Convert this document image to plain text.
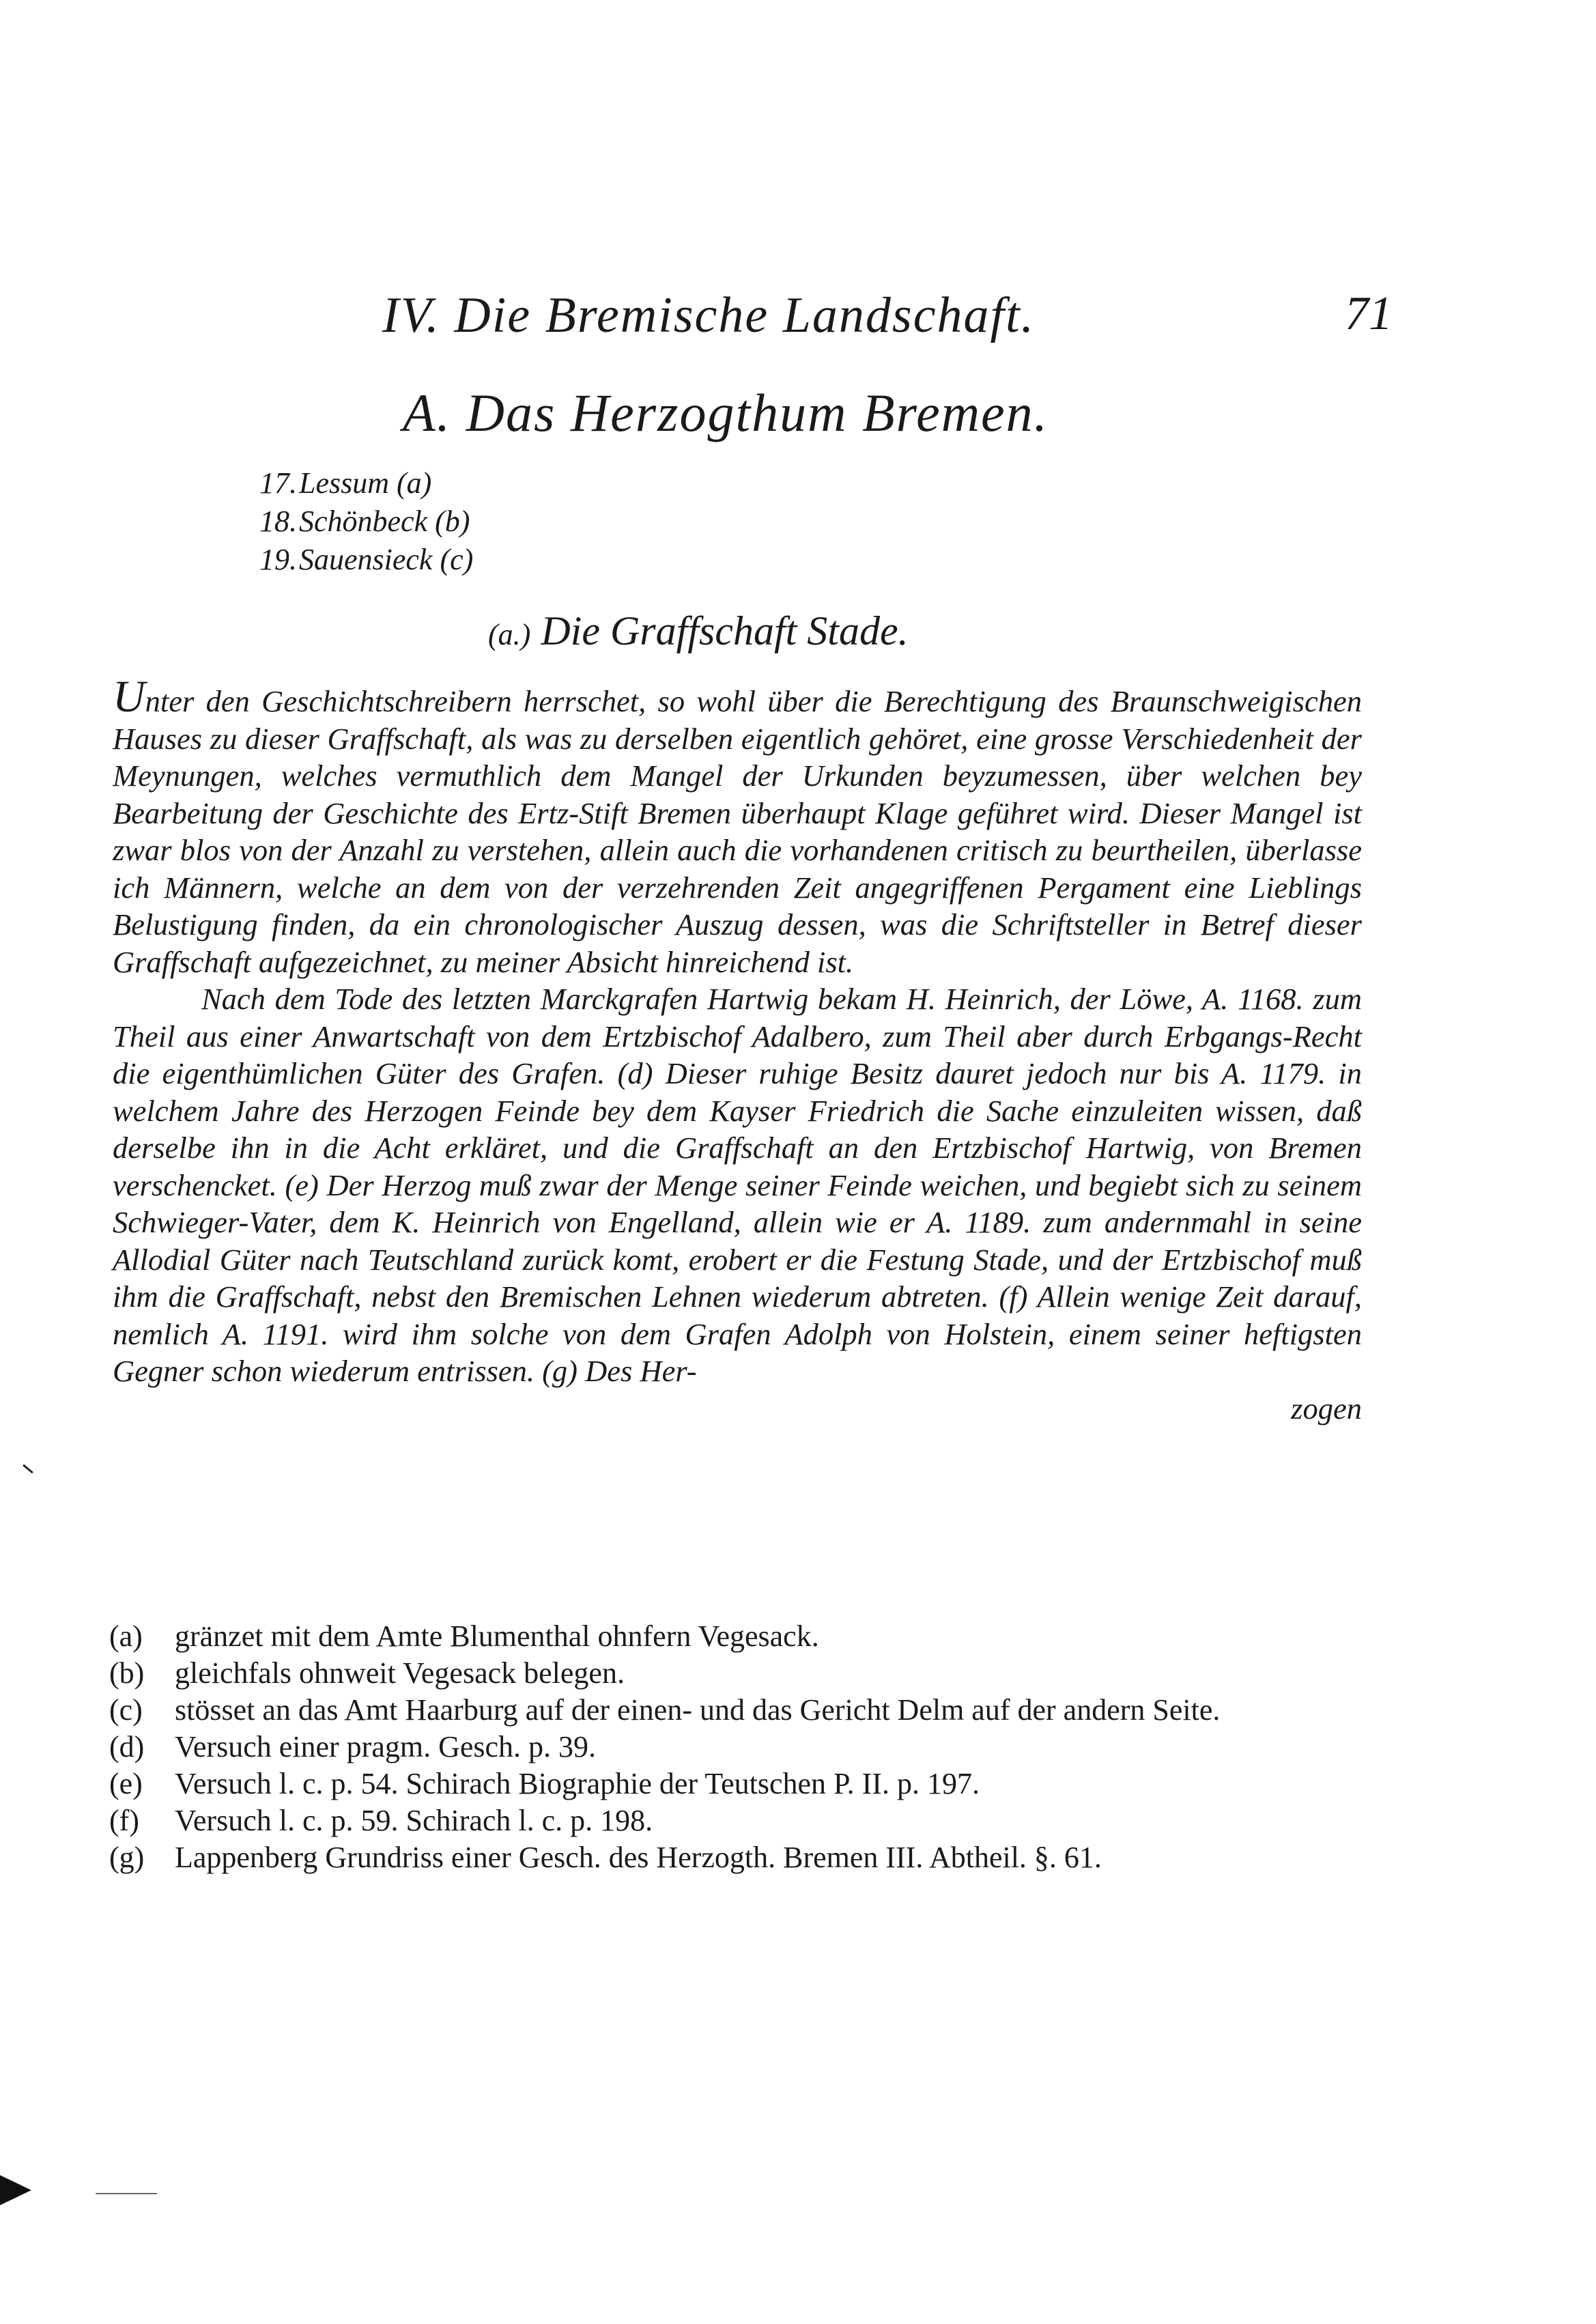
IV. Die Bremische Landschaft.	71
A. Das Herzogthum Bremen.
17.Lessum (a)
18.Schönbeck (b)
19.Sauensieck (c)
(a.) Die Graffschaft Stade.

Unter den Geschichtschreibern herrschet, so wohl über die Berechtigung des Braunschweigischen Hauses zu dieser Graffschaft, als was zu derselben eigentlich gehöret, eine grosse Verschiedenheit der Meynungen, welches vermuthlich dem Mangel der Urkunden beyzumessen, über welchen bey Bearbeitung der Geschichte des Ertz-Stift Bremen überhaupt Klage geführet wird. Dieser Mangel ist zwar blos von der Anzahl zu verstehen, allein auch die vorhandenen critisch zu beurtheilen, überlasse ich Männern, welche an dem von der verzehrenden Zeit angegriffenen Pergament eine Lieblings Belustigung finden, da ein chronologischer Auszug dessen, was die Schriftsteller in Betref dieser Graffschaft aufgezeichnet, zu meiner Absicht hinreichend ist.

Nach dem Tode des letzten Marckgrafen Hartwig bekam H. Heinrich, der Löwe, A. 1168. zum Theil aus einer Anwartschaft von dem Ertzbischof Adalbero, zum Theil aber durch Erbgangs-Recht die eigenthümlichen Güter des Grafen. (d) Dieser ruhige Besitz dauret jedoch nur bis A. 1179. in welchem Jahre des Herzogen Feinde bey dem Kayser Friedrich die Sache einzuleiten wissen, daß derselbe ihn in die Acht erkläret, und die Graffschaft an den Ertzbischof Hartwig, von Bremen verschencket. (e) Der Herzog muß zwar der Menge seiner Feinde weichen, und begiebt sich zu seinem Schwieger-Vater, dem K. Heinrich von Engelland, allein wie er A. 1189. zum andernmahl in seine Allodial Güter nach Teutschland zurück komt, erobert er die Festung Stade, und der Ertzbischof muß ihm die Graffschaft, nebst den Bremischen Lehnen wiederum abtreten. (f) Allein wenige Zeit darauf, nemlich A. 1191. wird ihm solche von dem Grafen Adolph von Holstein, einem seiner heftigsten Gegner schon wiederum entrissen. (g) Des Her-

zogen
(a) gränzet mit dem Amte Blumenthal ohnfern Vegesack.
(b) gleichfals ohnweit Vegesack belegen.
(c) stösset an das Amt Haarburg auf der einen- und das Gericht Delm auf der andern Seite.
(d) Versuch einer pragm. Gesch. p. 39.
(e) Versuch l. c. p. 54. Schirach Biographie der Teutschen P. II. p. 197.
(f) Versuch l. c. p. 59. Schirach l. c. p. 198.
(g) Lappenberg Grundriss einer Gesch. des Herzogth. Bremen III. Abtheil. §. 61.
